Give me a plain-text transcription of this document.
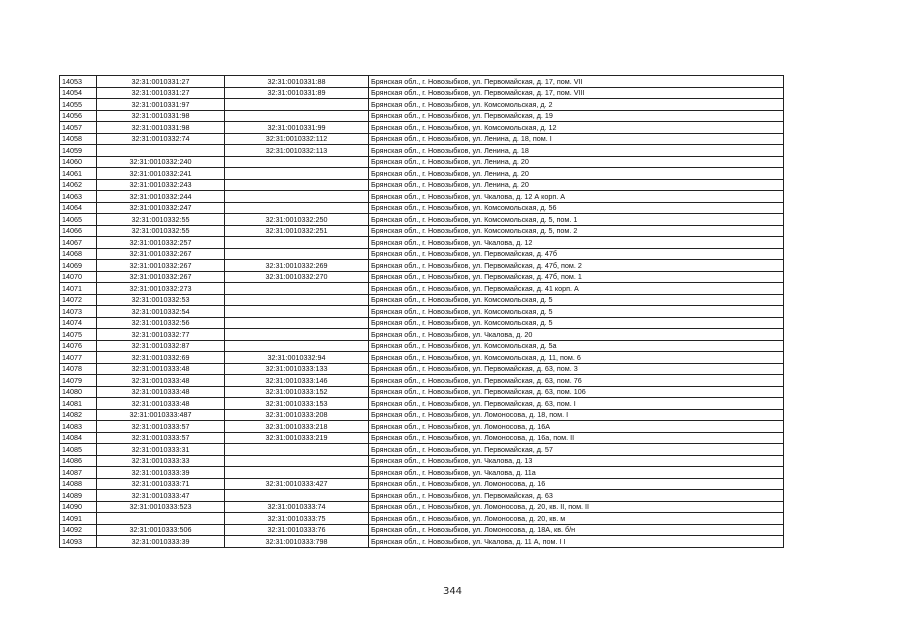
14053	32:31:0010331:27	32:31:0010331:88	Брянская обл., г. Новозыбков, ул. Первомайская, д. 17, пом. VII
14054	32:31:0010331:27	32:31:0010331:89	Брянская обл., г. Новозыбков, ул. Первомайская, д. 17, пом. VIII
14055	32:31:0010331:97		Брянская обл., г. Новозыбков, ул. Комсомольская, д. 2
14056	32:31:0010331:98		Брянская обл., г. Новозыбков, ул. Первомайская, д. 19
14057	32:31:0010331:98	32:31:0010331:99	Брянская обл., г. Новозыбков, ул. Комсомольская, д. 12
14058	32:31:0010332:74	32:31:0010332:112	Брянская обл., г. Новозыбков, ул. Ленина, д. 18, пом. I
14059		32:31:0010332:113	Брянская обл., г. Новозыбков, ул. Ленина, д. 18
14060	32:31:0010332:240		Брянская обл., г. Новозыбков, ул. Ленина, д. 20
14061	32:31:0010332:241		Брянская обл., г. Новозыбков, ул. Ленина, д. 20
14062	32:31:0010332:243		Брянская обл., г. Новозыбков, ул. Ленина, д. 20
14063	32:31:0010332:244		Брянская обл., г. Новозыбков, ул. Чкалова, д. 12 А корп. А
14064	32:31:0010332:247		Брянская обл., г. Новозыбков, ул. Комсомольская, д. 56
14065	32:31:0010332:55	32:31:0010332:250	Брянская обл., г. Новозыбков, ул. Комсомольская, д. 5, пом. 1
14066	32:31:0010332:55	32:31:0010332:251	Брянская обл., г. Новозыбков, ул. Комсомольская, д. 5, пом. 2
14067	32:31:0010332:257		Брянская обл., г. Новозыбков, ул. Чкалова, д. 12
14068	32:31:0010332:267		Брянская обл., г. Новозыбков, ул. Первомайская, д. 47б
14069	32:31:0010332:267	32:31:0010332:269	Брянская обл., г. Новозыбков, ул. Первомайская, д. 47б, пом. 2
14070	32:31:0010332:267	32:31:0010332:270	Брянская обл., г. Новозыбков, ул. Первомайская, д. 47б, пом. 1
14071	32:31:0010332:273		Брянская обл., г. Новозыбков, ул. Первомайская, д. 41 корп. А
14072	32:31:0010332:53		Брянская обл., г. Новозыбков, ул. Комсомольская, д. 5
14073	32:31:0010332:54		Брянская обл., г. Новозыбков, ул. Комсомольская, д. 5
14074	32:31:0010332:56		Брянская обл., г. Новозыбков, ул. Комсомольская, д. 5
14075	32:31:0010332:77		Брянская обл., г. Новозыбков, ул. Чкалова, д. 20
14076	32:31:0010332:87		Брянская обл., г. Новозыбков, ул. Комсомольская, д. 5а
14077	32:31:0010332:69	32:31:0010332:94	Брянская обл., г. Новозыбков, ул. Комсомольская, д. 11, пом. 6
14078	32:31:0010333:48	32:31:0010333:133	Брянская обл., г. Новозыбков, ул. Первомайская, д. 63, пом. 3
14079	32:31:0010333:48	32:31:0010333:146	Брянская обл., г. Новозыбков, ул. Первомайская, д. 63, пом. 76
14080	32:31:0010333:48	32:31:0010333:152	Брянская обл., г. Новозыбков, ул. Первомайская, д. 63, пом. 106
14081	32:31:0010333:48	32:31:0010333:153	Брянская обл., г. Новозыбков, ул. Первомайская, д. 63, пом. I
14082	32:31:0010333:487	32:31:0010333:208	Брянская обл., г. Новозыбков, ул. Ломоносова, д. 18, пом. I
14083	32:31:0010333:57	32:31:0010333:218	Брянская обл., г. Новозыбков, ул. Ломоносова, д. 16А
14084	32:31:0010333:57	32:31:0010333:219	Брянская обл., г. Новозыбков, ул. Ломоносова, д. 16а, пом. II
14085	32:31:0010333:31		Брянская обл., г. Новозыбков, ул. Первомайская, д. 57
14086	32:31:0010333:33		Брянская обл., г. Новозыбков, ул. Чкалова, д. 13
14087	32:31:0010333:39		Брянская обл., г. Новозыбков, ул. Чкалова, д. 11а
14088	32:31:0010333:71	32:31:0010333:427	Брянская обл., г. Новозыбков, ул. Ломоносова, д. 16
14089	32:31:0010333:47		Брянская обл., г. Новозыбков, ул. Первомайская, д. 63
14090	32:31:0010333:523	32:31:0010333:74	Брянская обл., г. Новозыбков, ул. Ломоносова, д. 20, кв. II, пом. II
14091		32:31:0010333:75	Брянская обл., г. Новозыбков, ул. Ломоносова, д. 20, кв. м
14092	32:31:0010333:506	32:31:0010333:76	Брянская обл., г. Новозыбков, ул. Ломоносова, д. 18А, кв. б/н
14093	32:31:0010333:39	32:31:0010333:798	Брянская обл., г. Новозыбков, ул. Чкалова, д. 11 А, пом. I I
344
